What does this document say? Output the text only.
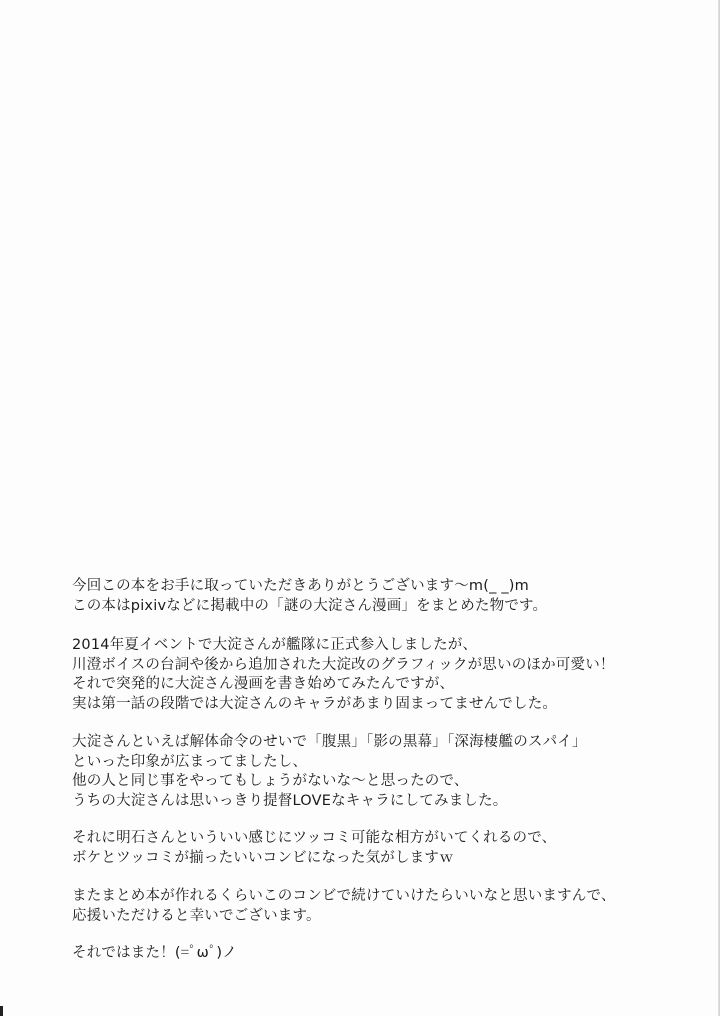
今回この本をお手に取っていただきありがとうございます～m(_ _)m
この本はpixivなどに掲載中の「謎の大淀さん漫画」をまとめた物です。
2014年夏イベントで大淀さんが艦隊に正式参入しましたが、
川澄ボイスの台詞や後から追加された大淀改のグラフィックが思いのほか可愛い！
それで突発的に大淀さん漫画を書き始めてみたんですが、
実は第一話の段階では大淀さんのキャラがあまり固まってませんでした。
大淀さんといえば解体命令のせいで「腹黒」「影の黒幕」「深海棲艦のスパイ」
といった印象が広まってましたし、
他の人と同じ事をやってもしょうがないな～と思ったので、
うちの大淀さんは思いっきり提督LOVEなキャラにしてみました。
それに明石さんといういい感じにツッコミ可能な相方がいてくれるので、
ボケとツッコミが揃ったいいコンビになった気がしますｗ
またまとめ本が作れるくらいこのコンビで続けていけたらいいなと思いますんで、
応援いただけると幸いでございます。
それではまた！(=ﾟωﾟ)ノ
